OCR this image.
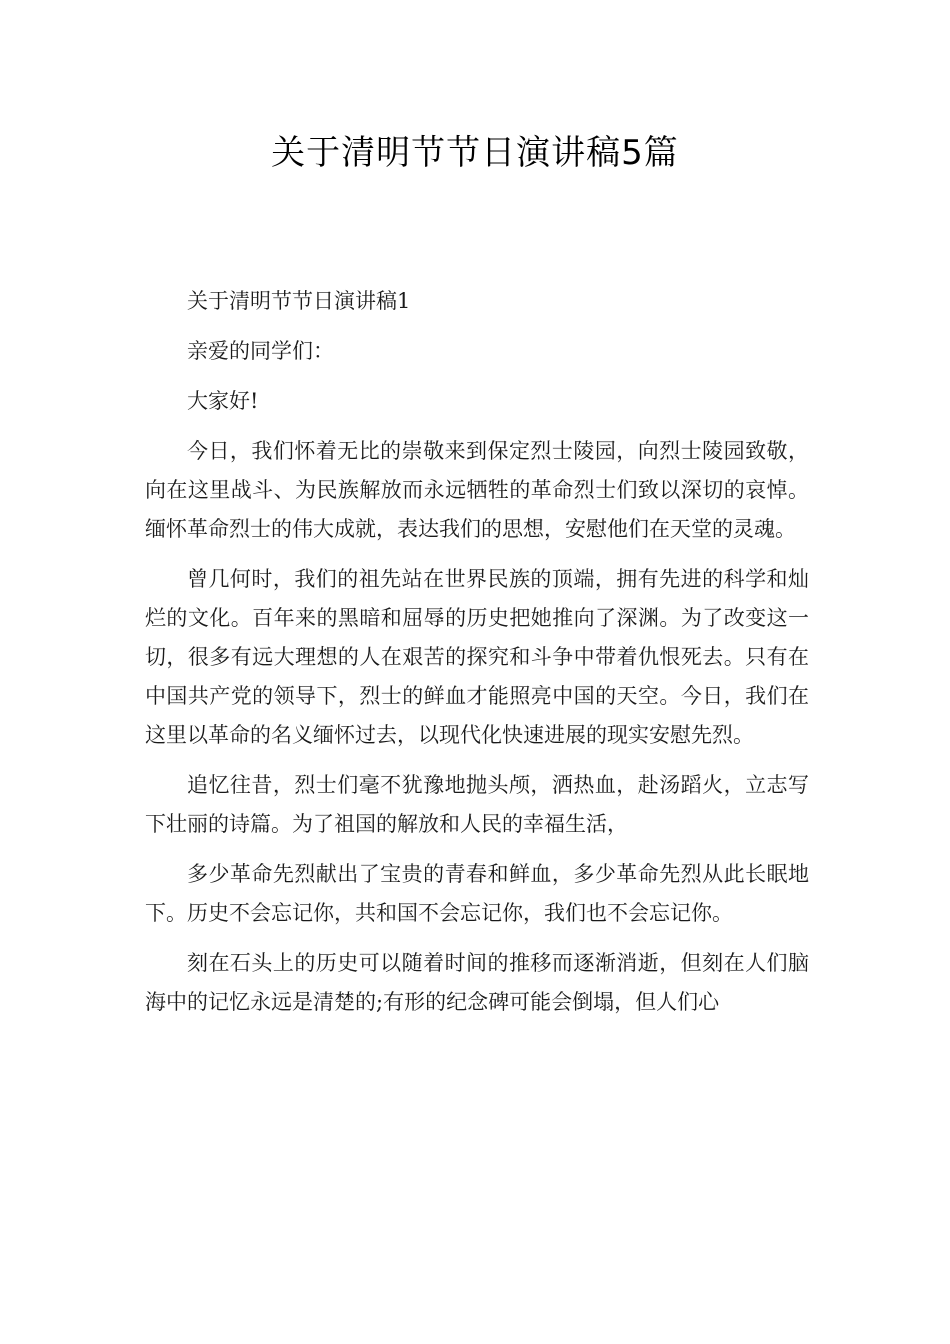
关于清明节节日演讲稿5篇

关于清明节节日演讲稿1

亲爱的同学们：

大家好!

今日，我们怀着无比的崇敬来到保定烈士陵园，向烈士陵园致敬，向在这里战斗、为民族解放而永远牺牲的革命烈士们致以深切的哀悼。缅怀革命烈士的伟大成就，表达我们的思想，安慰他们在天堂的灵魂。

曾几何时，我们的祖先站在世界民族的顶端，拥有先进的科学和灿烂的文化。百年来的黑暗和屈辱的历史把她推向了深渊。为了改变这一切，很多有远大理想的人在艰苦的探究和斗争中带着仇恨死去。只有在中国共产党的领导下，烈士的鲜血才能照亮中国的天空。今日，我们在这里以革命的名义缅怀过去，以现代化快速进展的现实安慰先烈。

追忆往昔，烈士们毫不犹豫地抛头颅，洒热血，赴汤蹈火，立志写下壮丽的诗篇。为了祖国的解放和人民的幸福生活，

多少革命先烈献出了宝贵的青春和鲜血，多少革命先烈从此长眠地下。历史不会忘记你，共和国不会忘记你，我们也不会忘记你。

刻在石头上的历史可以随着时间的推移而逐渐消逝，但刻在人们脑海中的记忆永远是清楚的;有形的纪念碑可能会倒塌，但人们心
